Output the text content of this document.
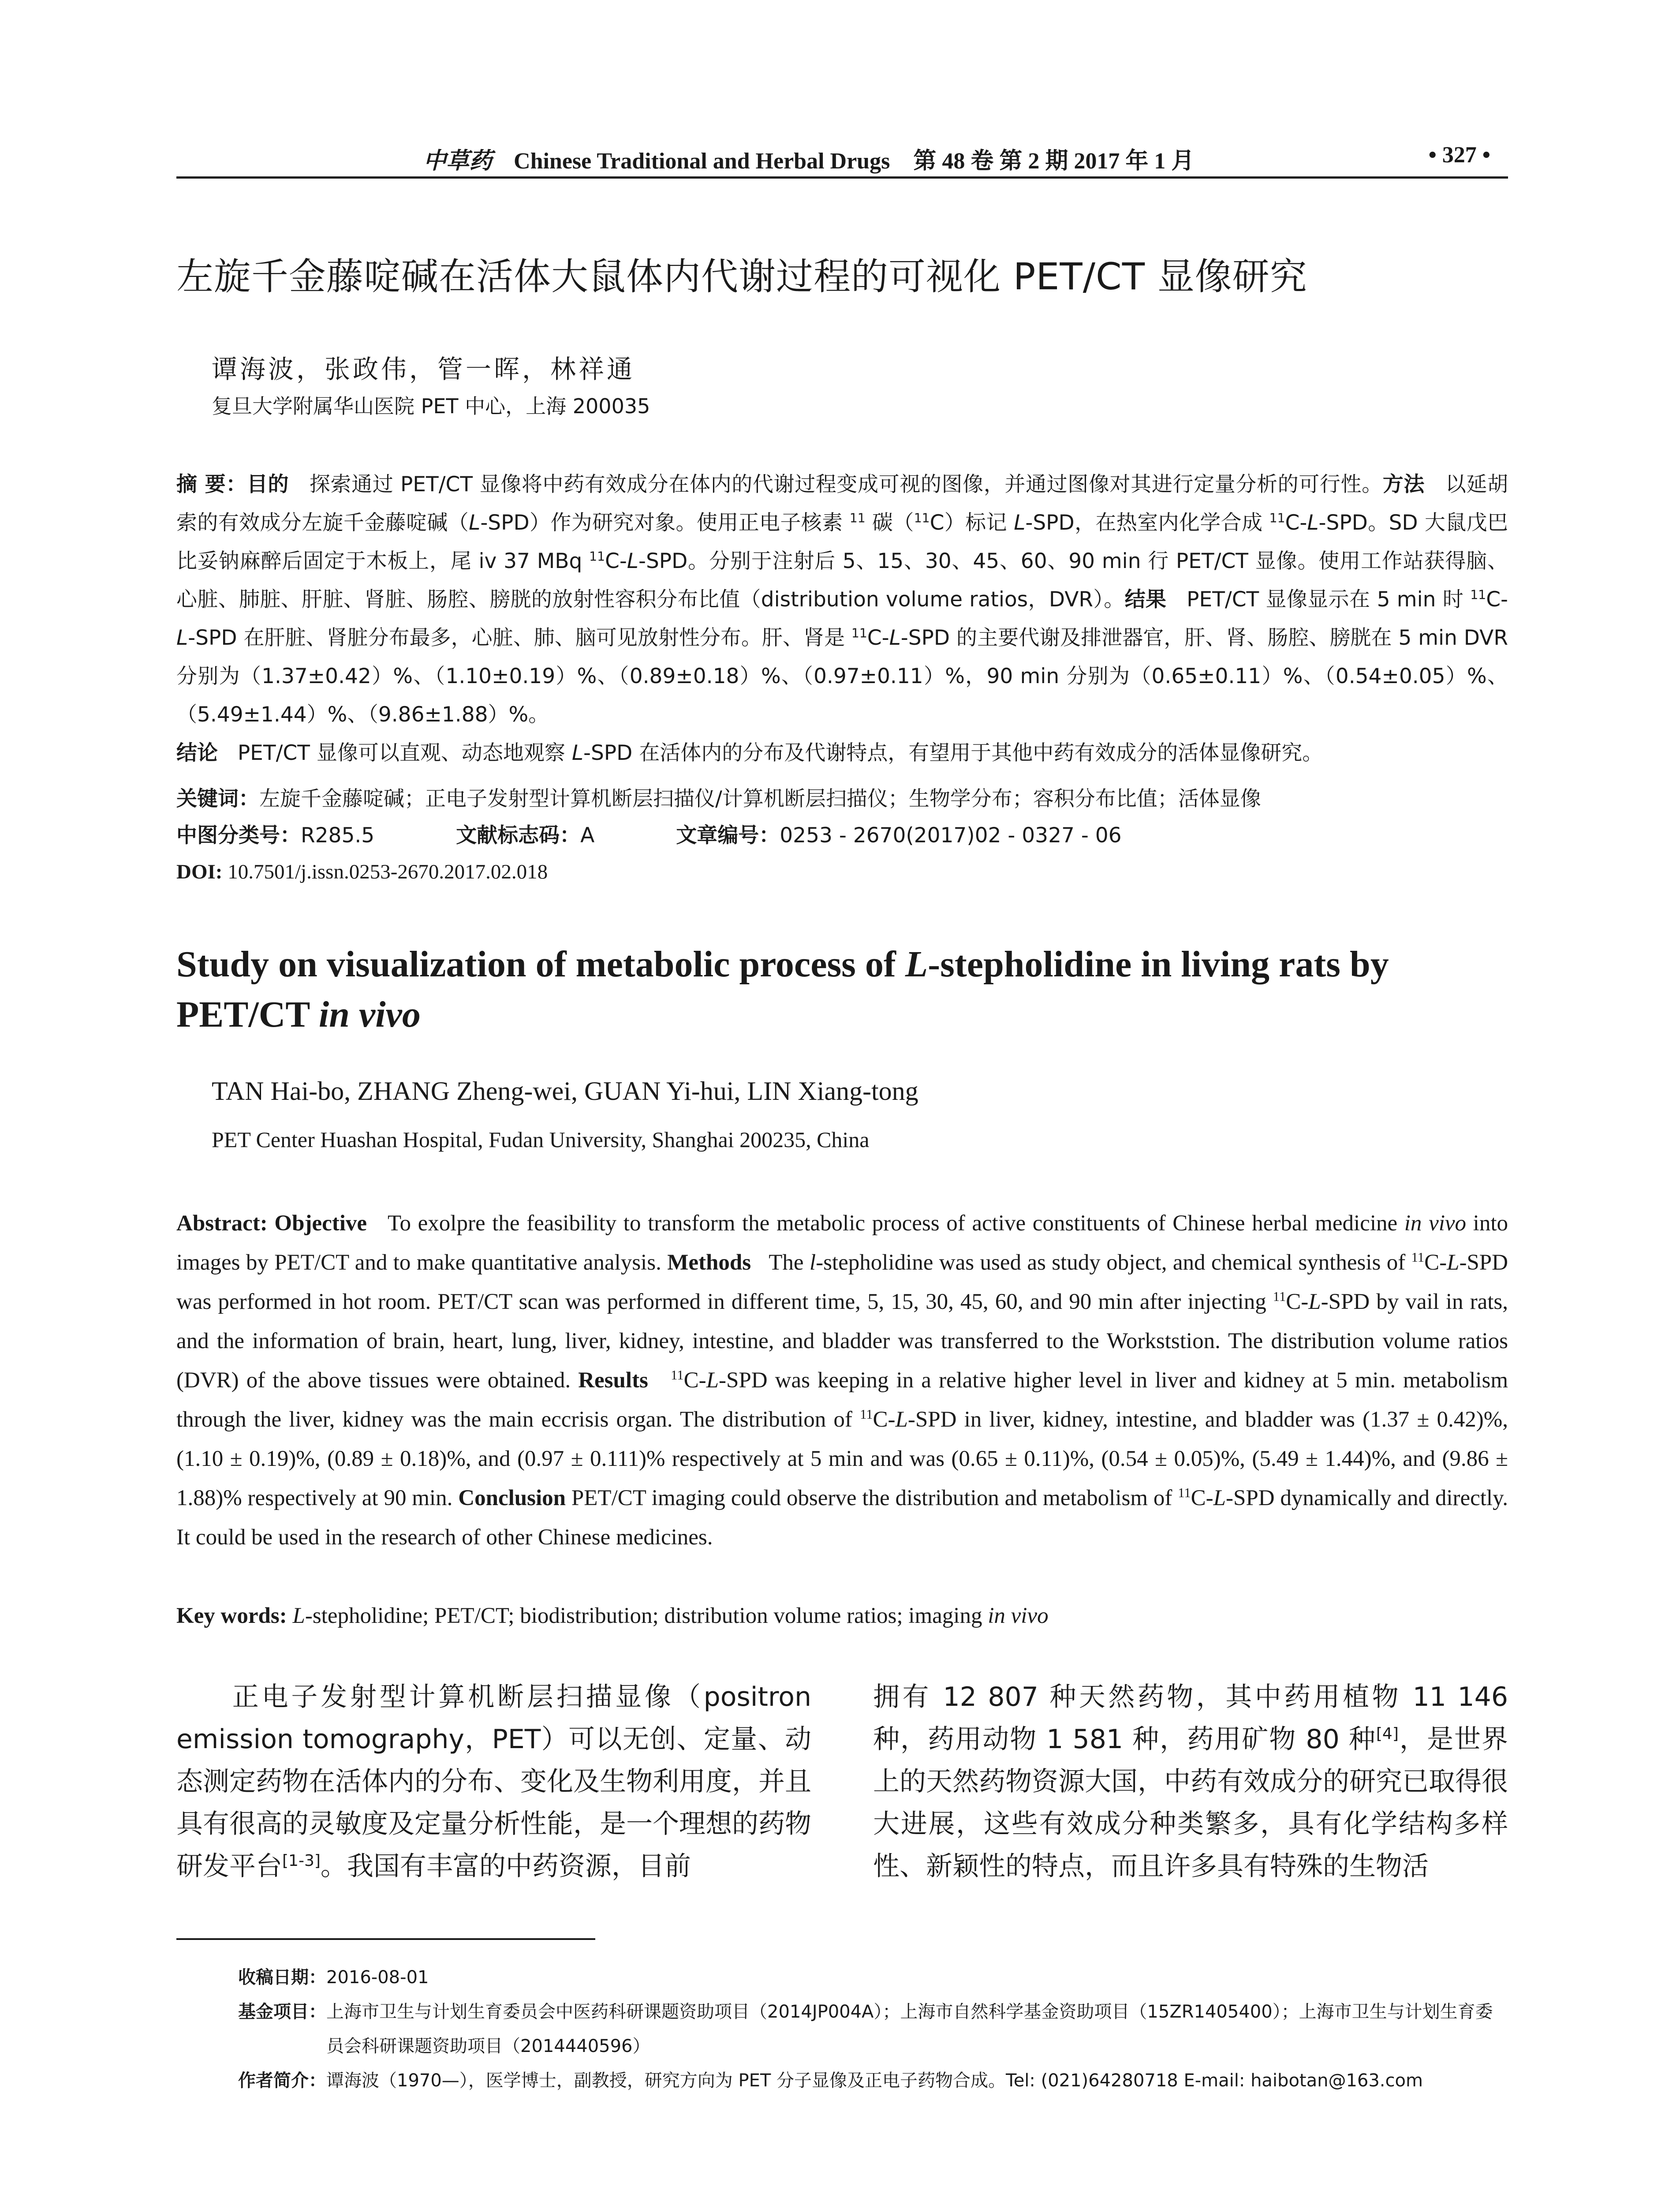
中草药 Chinese Traditional and Herbal Drugs 第 48 卷 第 2 期 2017 年 1 月	• 327 •
左旋千金藤啶碱在活体大鼠体内代谢过程的可视化 PET/CT 显像研究
谭海波，张政伟，管一晖，林祥通
复旦大学附属华山医院 PET 中心，上海 200035
摘 要：目的 探索通过 PET/CT 显像将中药有效成分在体内的代谢过程变成可视的图像，并通过图像对其进行定量分析的可行性。方法 以延胡索的有效成分左旋千金藤啶碱（L-SPD）作为研究对象。使用正电子核素 $^{11}$ 碳（$^{11}$C）标记 L-SPD，在热室内化学合成 $^{11}$C-L-SPD。SD 大鼠戊巴比妥钠麻醉后固定于木板上，尾 iv 37 MBq $^{11}$C-L-SPD。分别于注射后 5、15、30、45、60、90 min 行 PET/CT 显像。使用工作站获得脑、心脏、肺脏、肝脏、肾脏、肠腔、膀胱的放射性容积分布比值（distribution volume ratios，DVR）。结果 PET/CT 显像显示在 5 min 时 $^{11}$C-L-SPD 在肝脏、肾脏分布最多，心脏、肺、脑可见放射性分布。肝、肾是 $^{11}$C-L-SPD 的主要代谢及排泄器官，肝、肾、肠腔、膀胱在 5 min DVR 分别为（1.37±0.42）%、（1.10±0.19）%、（0.89±0.18）%、（0.97±0.11）%，90 min 分别为（0.65±0.11）%、（0.54±0.05）%、（5.49±1.44）%、（9.86±1.88）%。
结论 PET/CT 显像可以直观、动态地观察 L-SPD 在活体内的分布及代谢特点，有望用于其他中药有效成分的活体显像研究。
关键词：左旋千金藤啶碱；正电子发射型计算机断层扫描仪/计算机断层扫描仪；生物学分布；容积分布比值；活体显像
中图分类号：R285.5	文献标志码：A	文章编号：0253 - 2670(2017)02 - 0327 - 06
DOI: 10.7501/j.issn.0253-2670.2017.02.018
Study on visualization of metabolic process of L-stepholidine in living rats by PET/CT in vivo
TAN Hai-bo, ZHANG Zheng-wei, GUAN Yi-hui, LIN Xiang-tong
PET Center Huashan Hospital, Fudan University, Shanghai 200235, China
Abstract: Objective To exolpre the feasibility to transform the metabolic process of active constituents of Chinese herbal medicine in vivo into images by PET/CT and to make quantitative analysis. Methods The l-stepholidine was used as study object, and chemical synthesis of $^{11}$C-L-SPD was performed in hot room. PET/CT scan was performed in different time, 5, 15, 30, 45, 60, and 90 min after injecting $^{11}$C-L-SPD by vail in rats, and the information of brain, heart, lung, liver, kidney, intestine, and bladder was transferred to the Workststion. The distribution volume ratios (DVR) of the above tissues were obtained. Results $^{11}$C-L-SPD was keeping in a relative higher level in liver and kidney at 5 min. metabolism through the liver, kidney was the main eccrisis organ. The distribution of $^{11}$C-L-SPD in liver, kidney, intestine, and bladder was (1.37 ± 0.42)%, (1.10 ± 0.19)%, (0.89 ± 0.18)%, and (0.97 ± 0.111)% respectively at 5 min and was (0.65 ± 0.11)%, (0.54 ± 0.05)%, (5.49 ± 1.44)%, and (9.86 ± 1.88)% respectively at 90 min. Conclusion PET/CT imaging could observe the distribution and metabolism of $^{11}$C-L-SPD dynamically and directly. It could be used in the research of other Chinese medicines.
Key words: L-stepholidine; PET/CT; biodistribution; distribution volume ratios; imaging in vivo
正电子发射型计算机断层扫描显像（positron emission tomography，PET）可以无创、定量、动态测定药物在活体内的分布、变化及生物利用度，并且具有很高的灵敏度及定量分析性能，是一个理想的药物研发平台[1-3]。我国有丰富的中药资源，目前
拥有 12 807 种天然药物，其中药用植物 11 146 种，药用动物 1 581 种，药用矿物 80 种[4]，是世界上的天然药物资源大国，中药有效成分的研究已取得很大进展，这些有效成分种类繁多，具有化学结构多样性、新颖性的特点，而且许多具有特殊的生物活
收稿日期：2016-08-01
基金项目：上海市卫生与计划生育委员会中医药科研课题资助项目（2014JP004A）；上海市自然科学基金资助项目（15ZR1405400）；上海市卫生与计划生育委员会科研课题资助项目（2014440596）
作者简介：谭海波（1970—），医学博士，副教授，研究方向为 PET 分子显像及正电子药物合成。Tel: (021)64280718 E-mail: haibotan@163.com
